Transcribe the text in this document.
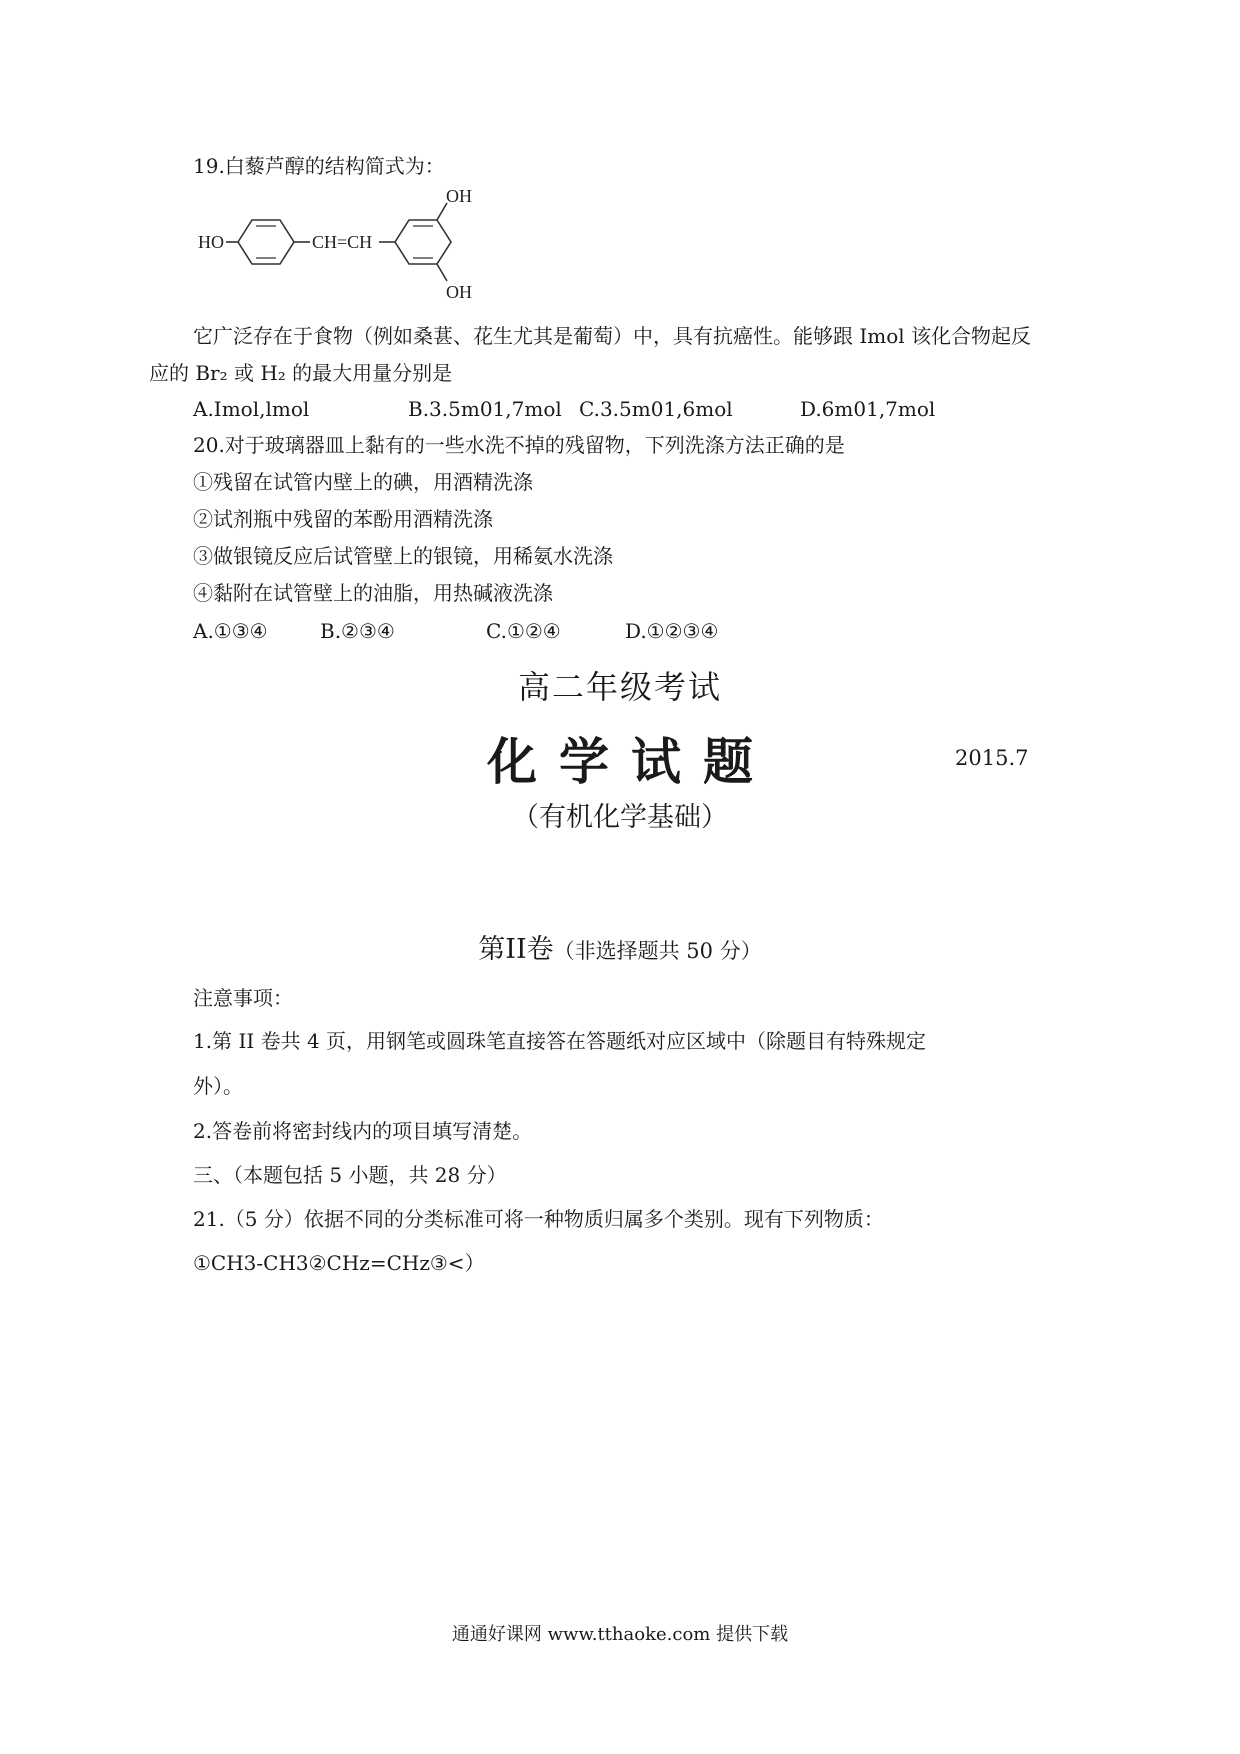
19.白藜芦醇的结构简式为：
HO	CH=CH
OH
OH
它广泛存在于食物（例如桑葚、花生尤其是葡萄）中，具有抗癌性。能够跟 Imol 该化合物起反
应的 Br₂ 或 H₂ 的最大用量分别是
A.Imol,lmol	B.3.5m01,7mol C.3.5m01,6mol	D.6m01,7mol
20.对于玻璃器皿上黏有的一些水洗不掉的残留物，下列洗涤方法正确的是
①残留在试管内壁上的碘，用酒精洗涤
②试剂瓶中残留的苯酚用酒精洗涤
③做银镜反应后试管壁上的银镜，用稀氨水洗涤
④黏附在试管壁上的油脂，用热碱液洗涤
A.①③④	B.②③④	C.①②④	D.①②③④
高二年级考试
化学试题	2015.7
（有机化学基础）
第II卷（非选择题共 50 分）
注意事项：
1.第 II 卷共 4 页，用钢笔或圆珠笔直接答在答题纸对应区域中（除题目有特殊规定
外）。
2.答卷前将密封线内的项目填写清楚。
三、（本题包括 5 小题，共 28 分）
21.（5 分）依据不同的分类标准可将一种物质归属多个类别。现有下列物质：
①CH3-CH3②CHz=CHz③<）
通通好课网 www.tthaoke.com 提供下载
